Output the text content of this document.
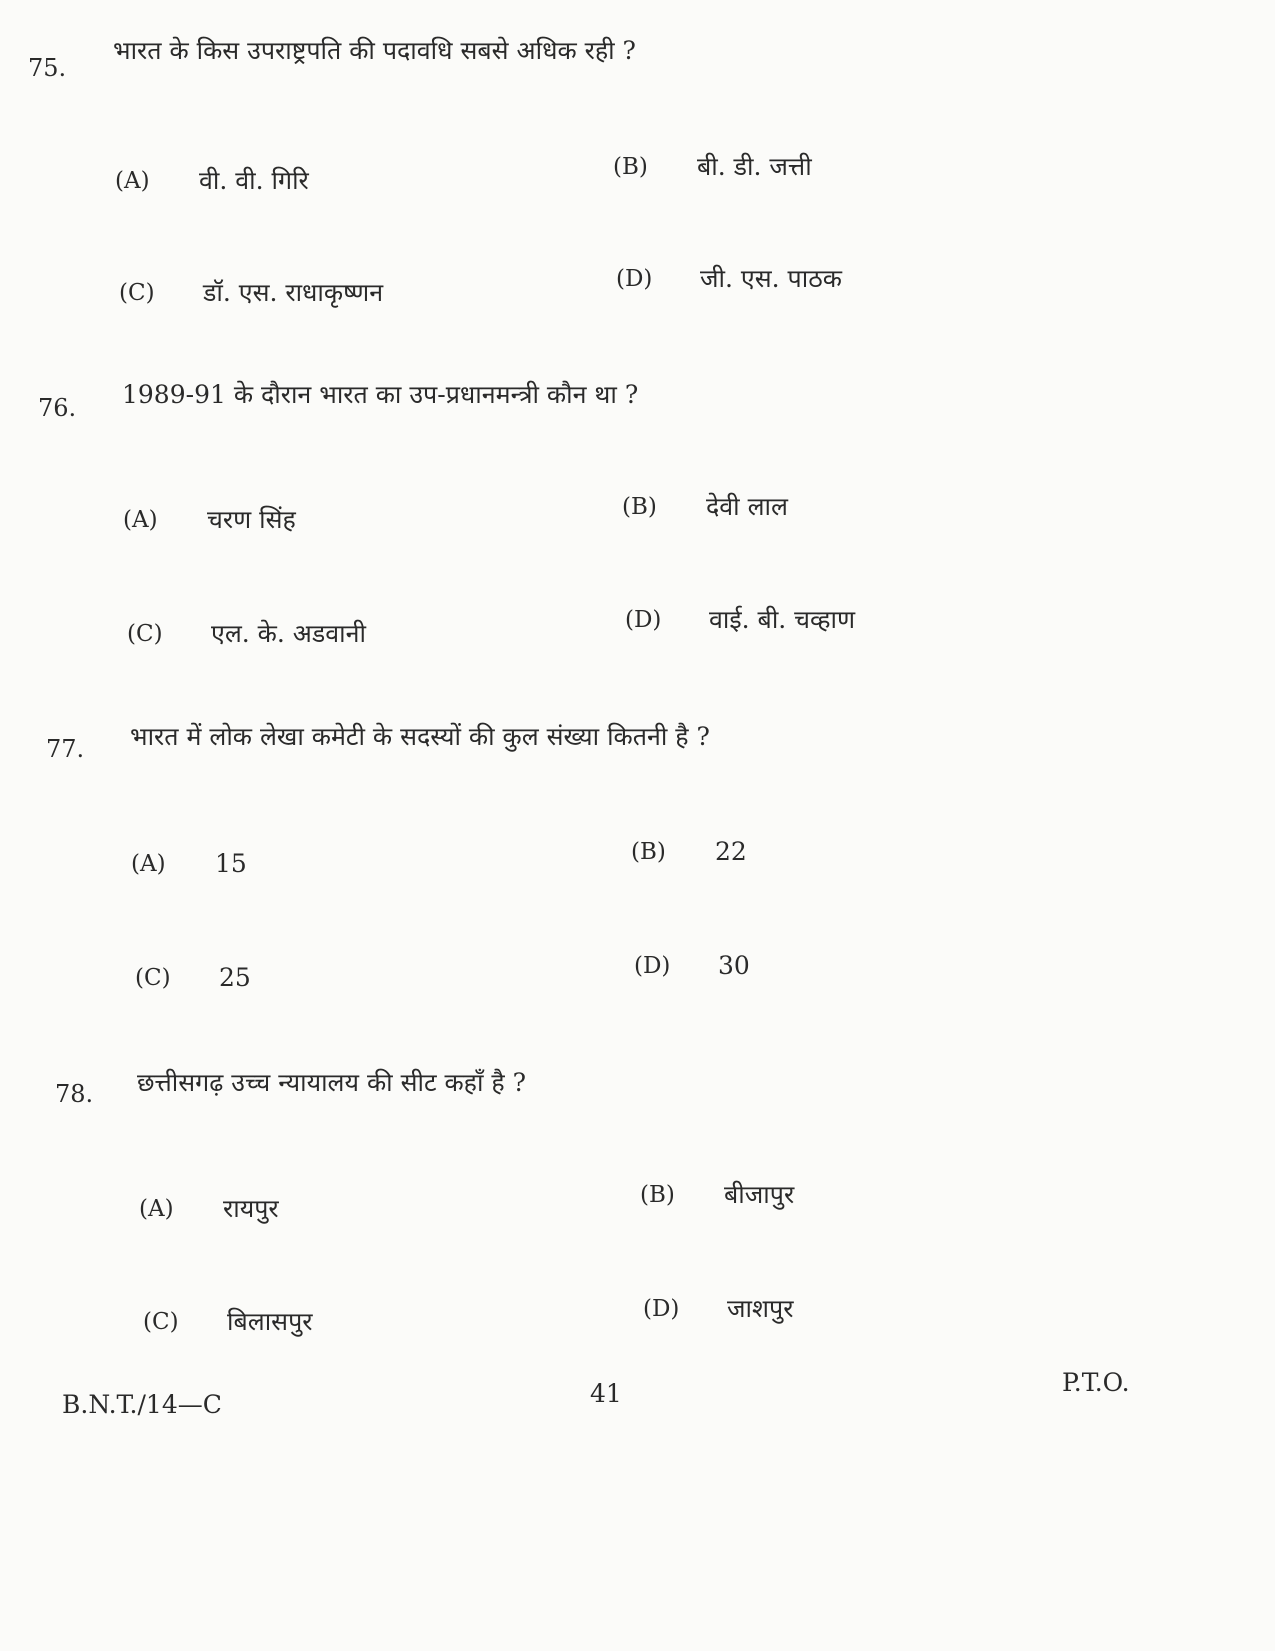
75.
भारत के किस उपराष्ट्रपति की पदावधि सबसे अधिक रही ?
(A) वी. वी. गिरि	(B) बी. डी. जत्ती
(C) डॉ. एस. राधाकृष्णन	(D) जी. एस. पाठक
76. 1989-91 के दौरान भारत का उप-प्रधानमन्त्री कौन था ?
(A) चरण सिंह	(B) देवी लाल
(C) एल. के. अडवानी	(D) वाई. बी. चव्हाण
77. भारत में लोक लेखा कमेटी के सदस्यों की कुल संख्या कितनी है ?
(A) 15	(B) 22
(C) 25	(D) 30
78. छत्तीसगढ़ उच्च न्यायालय की सीट कहाँ है ?
(A) रायपुर	(B) बीजापुर
(C) बिलासपुर	(D) जाशपुर
B.N.T./14—C	41	P.T.O.
